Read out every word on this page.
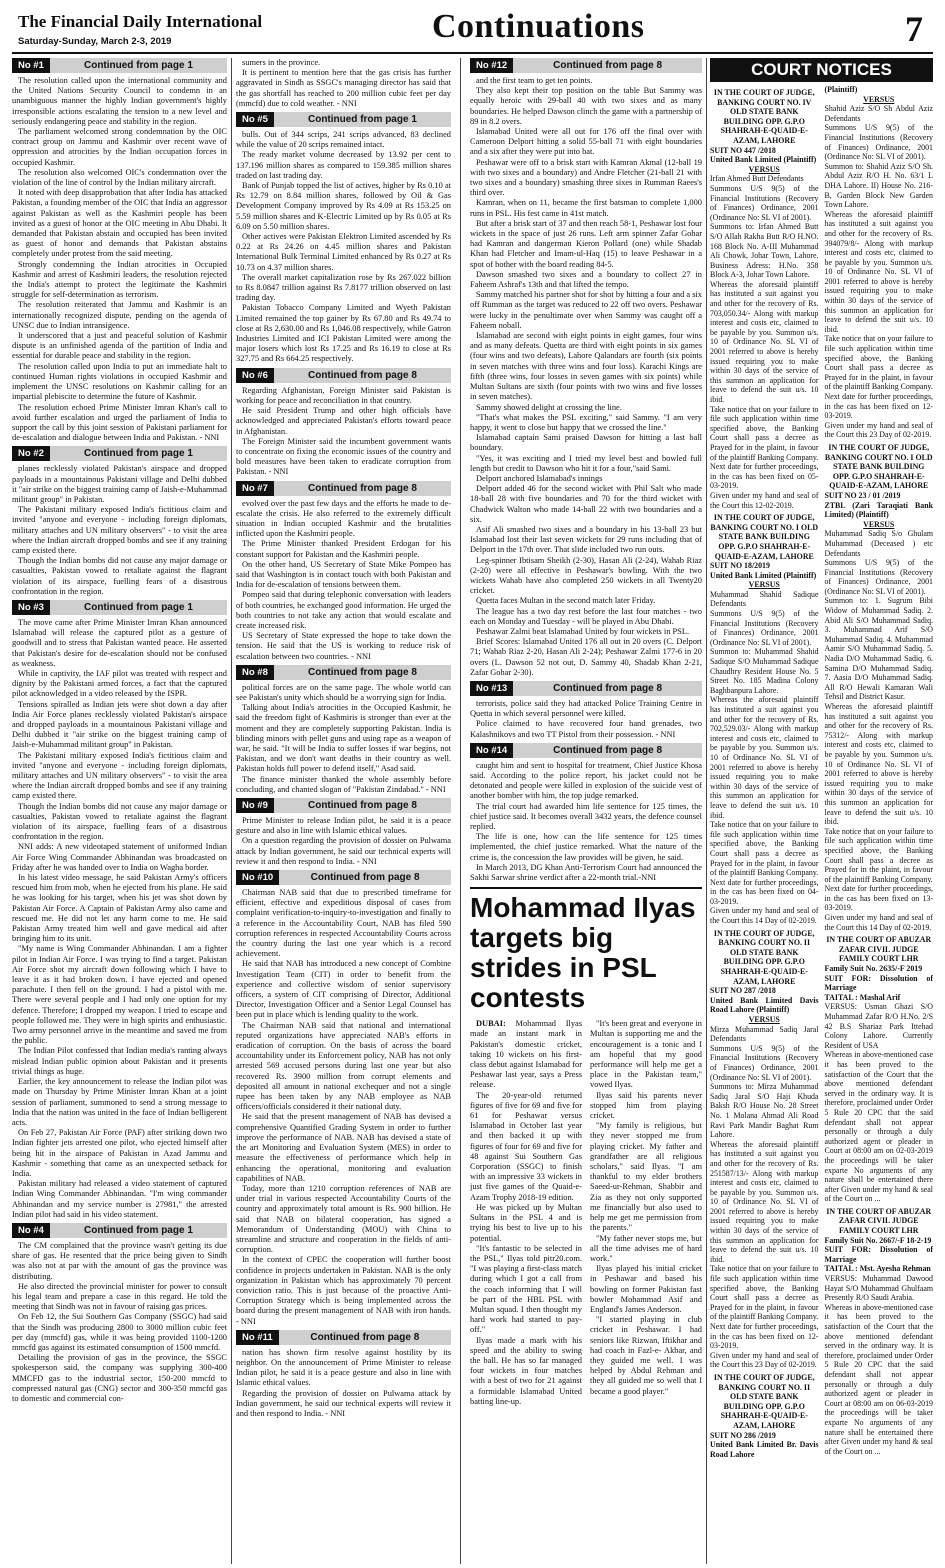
The Financial Daily International
Saturday-Sunday, March 2-3, 2019	Continuations	7
No #1	Continued from page 1

The resolution called upon the international community and the United Nations Security Council to condemn in an unambiguous manner the highly Indian government's highly irresponsible actions escalating the tension to a new level and seriously endangering peace and stability in the region.

The parliament welcomed strong condemnation by the OIC contract group on Jammu and Kashmir over recent wave of oppression and atrocities by the Indian occupation forces in occupied Kashmir.

The resolution also welcomed OIC's condemnation over the violation of the line of control by the Indian military aircraft.

It noted with deep disapprobation that after India has attacked Pakistan, a founding member of the OIC that India an aggressor against Pakistan as well as the Kashmiri people has been invited as a guest of honor at the OIC meeting in Abu Dhabi. It demanded that Pakistan abstain and occupied has been invited as guest of honor and demands that Pakistan abstains completely under protest from the said meeting.

Strongly condemning the Indian atrocities in Occupied Kashmir and arrest of Kashmiri leaders, the resolution rejected the India's attempt to protect the legitimate the Kashmiri struggle for self-determination as terrorism.

The resolution reiterated that Jammu and Kashmir is an internationally recognized dispute, pending on the agenda of UNSC due to Indian intransigence.

It underscored that a just and peaceful solution of Kashmir dispute is an unfinished agenda of the partition of India and essential for durable peace and stability in the region.

The resolution called upon India to put an immediate halt to continued Human rights violations in occupied Kashmir and implement the UNSC resolutions on Kashmir calling for an impartial plebiscite to determine the future of Kashmir.

The resolution echoed Prime Minister Imran Khan's call to avoid further escalation and urged the parliament of India to support the call by this joint session of Pakistani parliament for de-escalation and dialogue between India and Pakistan. - NNI

No #2	Continued from page 1

planes recklessly violated Pakistan's airspace and dropped payloads in a mountainous Pakistani village and Delhi dubbed it "air strike on the biggest training camp of Jaish-e-Muhammad militant group" in Pakistan.

The Pakistani military exposed India's fictitious claim and invited "anyone and everyone - including foreign diplomats, military attaches and UN military observers" - to visit the area where the Indian aircraft dropped bombs and see if any training camp existed there.

Though the Indian bombs did not cause any major damage or casualties, Pakistan vowed to retaliate against the flagrant violation of its airspace, fuelling fears of a disastrous confrontation in the region.

No #3	Continued from page 1

The move came after Prime Minister Imran Khan announced Islamabad will release the captured pilot as a gesture of goodwill and to stress that Pakistan wanted peace. He asserted that Pakistan's desire for de-escalation should not be confused as weakness.

While in captivity, the IAF pilot was treated with respect and dignity by the Pakistani armed forces, a fact that the captured pilot acknowledged in a video released by the ISPR.

Tensions spiralled as Indian jets were shot down a day after India Air Force planes recklessly violated Pakistan's airspace and dropped payloads in a mountainous Pakistani village and Delhi dubbed it "air strike on the biggest training camp of Jaish-e-Muhammad militant group" in Pakistan.

The Pakistani military exposed India's fictitious claim and invited "anyone and everyone - including foreign diplomats, military attaches and UN military observers" - to visit the area where the Indian aircraft dropped bombs and see if any training camp existed there.

Though the Indian bombs did not cause any major damage or casualties, Pakistan vowed to retaliate against the flagrant violation of its airspace, fuelling fears of a disastrous confrontation in the region.

NNI adds: A new videotaped statement of uniformed Indian Air Force Wing Commander Abhinandan was broadcasted on Friday after he was handed over to India on Wagha border.

In his latest video message, he said Pakistan Army's officers rescued him from mob, when he ejected from his plane. He said he was looking for his target, when his jet was shot down by Pakistan Air Force. A Captain of Pakistan Army also came and rescued me. He did not let any harm come to me. He said Pakistan Army treated him well and gave medical aid after bringing him to its unit.

"My name is Wing Commander Abhinandan. I am a fighter pilot in Indian Air Force. I was trying to find a target. Pakistan Air Force shot my aircraft down following which I have to leave it as it had broken down. I have ejected and opened parachute. I then fell on the ground. I had a pistol with me. There were several people and I had only one option for my defence. Therefore; I dropped my weapon. I tried to escape and people followed me. They were in high spirits and enthusiastic. Two army personnel arrive in the meantime and saved me from the public.

The Indian Pilot confessed that Indian media's ranting always mislead Indian public opinion about Pakistan and it presents trivial things as huge.

Earlier, the key announcement to release the Indian pilot was made on Thursday by Prime Minister Imran Khan at a joint session of parliament, summoned to send a strong message to India that the nation was united in the face of Indian belligerent acts.

On Feb 27, Pakistan Air Force (PAF) after striking down two Indian fighter jets arrested one pilot, who ejected himself after being hit in the airspace of Pakistan in Azad Jammu and Kashmir - something that came as an unexpected setback for India.

Pakistan military had released a video statement of captured Indian Wing Commander Abhinandan. "I'm wing commander Abhinandan and my service number is 27981," the arrested Indian pilot had said in his video statement.

No #4	Continued from page 1

The CM complained that the province wasn't getting its due share of gas. He resented that the price being given to Sindh was also not at par with the amount of gas the province was distributing.

He also directed the provincial minister for power to consult his legal team and prepare a case in this regard. He told the meeting that Sindh was not in favour of raising gas prices.

On Feb 12, the Sui Southern Gas Company (SSGC) had said that the Sindh was producing 2800 to 3000 million cubic feet per day (mmcfd) gas, while it was being provided 1100-1200 mmcfd gas against its estimated consumption of 1500 mmcfd.

Detailing the provision of gas in the province, the SSGC spokesperson said, the company was supplying 300-400 MMCFD gas to the industrial sector, 150-200 mmcfd to compressed natural gas (CNG) sector and 300-350 mmcfd gas to domestic and commercial con-

sumers in the province.

It is pertinent to mention here that the gas crisis has further aggravated in Sindh as SSGC's managing director has said that the gas shortfall has reached to 200 million cubic feet per day (mmcfd) due to cold weather. - NNI

No #5	Continued from page 1

bulls. Out of 344 scrips, 241 scrips advanced, 83 declined while the value of 20 scrips remained intact.

The ready market volume decreased by 13.92 per cent to 137.196 million shares as compared to 159.385 million shares traded on last trading day.

Bank of Punjab topped the list of actives, higher by Rs 0.10 at Rs 12.79 on 8.84 million shares, followed by Oil & Gas Development Company improved by Rs 4.09 at Rs 153.25 on 5.59 million shares and K-Electric Limited up by Rs 0.05 at Rs 6.09 on 5.50 million shares.

Other actives were Pakistan Elektron Limited ascended by Rs 0.22 at Rs 24.26 on 4.45 million shares and Pakistan International Bulk Terminal Limited enhanced by Rs 0.27 at Rs 10.73 on 4.37 million shares.

The overall market capitalization rose by Rs 267.022 billion to Rs 8.0847 trillion against Rs 7.8177 trillion observed on last trading day.

Pakistan Tobacco Company Limited and Wyeth Pakistan Limited remained the top gainer by Rs 67.80 and Rs 49.74 to close at Rs 2,630.00 and Rs 1,046.08 respectively, while Gatron Industries Limited and ICI Pakistan Limited were among the major losers which lost Rs 17.25 and Rs 16.19 to close at Rs 327.75 and Rs 664.25 respectively.

No #6	Continued from page 8

Regarding Afghanistan, Foreign Minister said Pakistan is working for peace and reconciliation in that country.

He said President Trump and other high officials have acknowledged and appreciated Pakistan's efforts toward peace in Afghanistan.

The Foreign Minister said the incumbent government wants to concentrate on fixing the economic issues of the country and bold measures have been taken to eradicate corruption from Pakistan. - NNI

No #7	Continued from page 8

evolved over the past few days and the efforts he made to de-escalate the crisis. He also referred to the extremely difficult situation in Indian occupied Kashmir and the brutalities inflicted upon the Kashmiri people.

The Prime Minister thanked President Erdogan for his constant support for Pakistan and the Kashmiri people.

On the other hand, US Secretary of State Mike Pompeo has said that Washington is in contact touch with both Pakistan and India for de-escalation of tensions between them.

Pompeo said that during telephonic conversation with leaders of both countries, he exchanged good information. He urged the both countries to not take any action that would escalate and create increased risk.

US Secretary of State expressed the hope to take down the tension. He said that the US is working to reduce risk of escalation between two countries. - NNI

No #8	Continued from page 8

political forces are on the same page. The whole world can see Pakistan's unity which should be a worrying sign for India.

Talking about India's atrocities in the Occupied Kashmir, he said the freedom fight of Kashmiris is stronger than ever at the moment and they are completely supporting Pakistan. India is blinding minors with pellet guns and using rape as a weapon of war, he said. "It will be India to suffer losses if war begins, not Pakistan, and we don't want deaths in their country as well. Pakistan holds full power to defend itself," Asad said.

The finance minister thanked the whole assembly before concluding, and chanted slogan of "Pakistan Zindabad." - NNI

No #9	Continued from page 8

Prime Minister to release Indian pilot, he said it is a peace gesture and also in line with Islamic ethical values.

On a question regarding the provision of dossier on Pulwama attack by Indian government, he said our technical experts will review it and then respond to India. - NNI

No #10	Continued from page 8

Chairman NAB said that due to prescribed timeframe for efficient, effective and expeditious disposal of cases from complaint verification-to-inquiry-to-investigation and finally to a reference in the Accountability Court, NAB has filed 590 corruption references in respected Accountability Courts across the country during the last one year which is a record achievement.

He said that NAB has introduced a new concept of Combine Investigation Team (CIT) in order to benefit from the experience and collective wisdom of senior supervisory officers, a system of CIT comprising of Director, Additional Director, Investigation Officer and a Senior Legal Counsel has been put in place which is lending quality to the work.

The Chairman NAB said that national and international reputed organizations have appreciated NAB's efforts in eradication of corruption. On the basis of across the board accountability under its Enforcement policy, NAB has not only arrested 569 accused persons during last one year but also recovered Rs. 3900 million from corrupt elements and deposited all amount in national exchequer and not a single rupee has been taken by any NAB employee as NAB officers/officials considered it their national duty.

He said that the present management of NAB has devised a comprehensive Quantified Grading System in order to further improve the performance of NAB. NAB has devised a state of the art Monitoring and Evaluation System (MES) in order to measure the effectiveness of performance which help in enhancing the operational, monitoring and evaluation capabilities of NAB.

Today, more than 1210 corruption references of NAB are under trial in various respected Accountability Courts of the country and approximately total amount is Rs. 900 billion. He said that NAB on bilateral cooperation, has signed a Memorandum of Understanding (MOU) with China to streamline and structure and cooperation in the fields of anti-corruption.

In the context of CPEC the cooperation will further boost confidence in projects undertaken in Pakistan. NAB is the only organization in Pakistan which has approximately 70 percent conviction ratio. This is just because of the proactive Anti-Corruption Strategy which is being implemented across the board during the present management of NAB with iron hands. - NNI

No #11	Continued from page 8

nation has shown firm resolve against hostility by its neighbor. On the announcement of Prime Minister to release Indian pilot, he said it is a peace gesture and also in line with Islamic ethical values.

Regarding the provision of dossier on Pulwama attack by Indian government, he said our technical experts will review it and then respond to India. - NNI

No #12	Continued from page 8

and the first team to get ten points.

They also kept their top position on the table But Sammy was equally heroic with 29-ball 40 with two sixes and as many boundaries. He helped Dawson clinch the game with a partnership of 89 in 8.2 overs.

Islamabad United were all out for 176 off the final over with Cameroon Delport hitting a solid 55-ball 71 with eight boundaries and a six after they were put into bat.

Peshawar were off to a brisk start with Kamran Akmal (12-ball 19 with two sixes and a boundary) and Andre Fletcher (21-ball 21 with two sixes and a boundary) smashing three sixes in Rumman Raees's third over.

Kamran, when on 11, became the first batsman to complete 1,000 runs in PSL. His fest came in 41st match.

But after a brisk start of 37 and then reach 58-1, Peshawar lost four wickets in the space of just 26 runs. Left arm spinner Zafar Gohar had Kamran and dangerman Kieron Pollard (one) while Shadab Khan had Fletcher and Imam-ul-Haq (15) to leave Peshawar in a spot of bother with the board reading 84-5.

Dawson smashed two sixes and a boundary to collect 27 in Faheem Ashraf's 13th and that lifted the tempo.

Sammy matched his partner shot for shot by hitting a four and a six off Rumman as the target was reduced to 22 off two overs. Peshawar were lucky in the penultimate over when Sammy was caught off a Faheem noball.

Islamabad are second with eight points in eight games, four wins and as many defeats. Quetta are third with eight points in six games (four wins and two defeats), Lahore Qalandars are fourth (six points in seven matches with three wins and four loss). Karachi Kings are fifth (three wins, four losses in seven games with six points) while Multan Sultans are sixth (four points with two wins and five losses in seven matches).

Sammy showed delight at crossing the line.

"That's what makes the PSL exciting," said Sammy. "I am very happy, it went to close but happy that we crossed the line."

Islamabad captain Sami praised Dawson for hitting a last ball boundary.

"Yes, it was exciting and I tried my level best and bowled full length but credit to Dawson who hit it for a four,"said Sami.

Delport anchored Islamabad's innings

Delport added 46 for the second wicket with Phil Salt who made 18-ball 28 with five boundaries and 70 for the third wicket with Chadwick Walton who made 14-ball 22 with two boundaries and a six.

Asif Ali smashed two sixes and a boundary in his 13-ball 23 but Islamabad lost their last seven wickets for 29 runs including that of Delport in the 17th over. That slide included two run outs.

Leg-spinner Ibtisam Sheikh (2-30), Hasan Ali (2-24), Wahab Riaz (2-20) were all effective in Peshawar's bowling. With the two wickets Wahab have also completed 250 wickets in all Twenty20 cricket.

Quetta faces Multan in the second match later Friday.

The league has a two day rest before the last four matches - two each on Monday and Tuesday - will be played in Abu Dhabi.

Peshawar Zalmi beat Islamabad United by four wickets in PSL.

Brief Scores: Islamabad United 176 all out in 20 overs (C. Delport 71; Wahab Riaz 2-20, Hasan Ali 2-24); Peshawar Zalmi 177-6 in 20 overs (L. Dawson 52 not out, D. Sammy 40, Shadab Khan 2-21, Zafar Gohar 2-30).

No #13	Continued from page 8

terrorists, police said they had attacked Police Training Centre in Quetta in which several personnel were killed.

Police claimed to have recovered four hand grenades, two Kalashnikovs and two TT Pistol from their possession. - NNI

No #14	Continued from page 8

caught him and sent to hospital for treatment, Chief Justice Khosa said. According to the police report, his jacket could not be detonated and people were killed in explosion of the suicide vest of another bomber with him, the top judge remarked.

The trial court had awarded him life sentence for 125 times, the chief justice said. It becomes overall 3432 years, the defence counsel replied.

The life is one, how can the life sentence for 125 times implemented, the chief justice remarked. What the nature of the crime is, the concession the law provides will be given, he said.

In March 2013, DG Khan Anti-Terrorism Court had announced the Sakhi Sarwar shrine verdict after a 22-month trial.-NNI

Mohammad Ilyas targets big strides in PSL contests

DUBAI: Mohammad Ilyas made an instant mark in Pakistan's domestic cricket, taking 10 wickets on his first-class debut against Islamabad for Peshawar last year, says a Press release.

The 20-year-old returned figures of five for 69 and five for 61 for Peshawar versus Islamabad in October last year and then backed it up with figures of four for 69 and five for 48 against Sui Southern Gas Corporation (SSGC) to finish with an impressive 33 wickets in just five games of the Quaid-e-Azam Trophy 2018-19 edition.

He was picked up by Multan Sultans in the PSL 4 and is trying his best to live up to his potential.

"It's fantastic to be selected in the PSL," Ilyas told pitr20.com. "I was playing a first-class match during which I got a call from the coach informing that I will be part of the HBL PSL with Multan squad. I then thought my hard work had started to pay-off."

Ilyas made a mark with his speed and the ability to swing the ball. He has so far managed four wickets in four matches with a best of two for 21 against a formidable Islamabad United batting line-up.

"It's been great and everyone in Multan is supporting me and the encouragement is a tonic and I am hopeful that my good performance will help me get a place in the Pakistan team," vowed Ilyas.

Ilyas said his parents never stopped him from playing cricket.

"My family is religious, but they never stopped me from playing cricket. My father and grandfather are all religious scholars," said Ilyas. "I am thankful to my elder brothers Saeed-ur-Rehman, Shabbir and Zia as they not only supported me financially but also used to help me get me permission from the parents."

"My father never stops me, but all the time advises me of hard work."

Ilyas played his initial cricket in Peshawar and based his bowling on former Pakistan fast bowler Mohammad Asif and England's James Anderson.

"I started playing in club cricket in Peshawar. I had seniors like Rizwan, Iftikhar and had coach in Fazl-e- Akbar, and they guided me well. I was helped by Abdul Rehman and they all guided me so well that I became a good player."

COURT NOTICES
IN THE COURT OF JUDGE, BANKING COURT NO. IV OLD STATE BANK BUILDING OPP. G.P.O SHAHRAH-E-QUAID-E-AZAM, LAHORE
SUIT NO 447 /2018
United Bank Limited (Plaintiff)
VERSUS
Irfan Ahmed Butt Defendants
Summons U/S 9(5) of the Financial Institutions (Recovery of Finances) Ordinance, 2001 (Ordinance No: SL VI of 2001).
Summons to: Irfan Ahmed Butt S/O Allah Rakha Butt R/O H.NO. 168 Block No. A-III Muhammad Ali Chowk, Johar Town, Lahore. Business Adress: H.No. 358 Block A-3, Johar Town Lahore.
Whereas the aforesaid plaintiff has instituted a suit against you and other for the recovery of Rs. 703,050.34/- Along with markup interest and costs etc, claimed to be payable by you. Summon u/s. 10 of Ordinance No. SL VI of 2001 referred to above is hereby issued requiring you to make within 30 days of the service of this summon an application for leave to defend the suit u/s. 10 ibid.
Take notice that on your failure to file such application within time specified above, the Banking Court shall pass a decree as Prayed for in the plaint, in favour of the plaintiff Banking Company.
Next date for further proceedings, in the cas has been fixed on 05-03-2019.
Given under my hand and seal of the Court this 12-02-2019.
IN THE COURT OF JUDGE, BANKING COURT NO. I OLD STATE BANK BUILDING OPP. G.P.O SHAHRAH-E-QUAID-E-AZAM, LAHORE
SUIT NO 18/2019
United Bank Limited (Plaintiff)
VERSUS
Muhammad Shahid Sadique Defendants
Summons U/S 9(5) of the Financial Institutions (Recovery of Finances) Ordinance, 2001 (Ordinance No: SL VI of 2001).
Summon to: Muhammad Shahid Sadique S/O Muhammad Sadique Chaudhry Resident House No. 5 Street No. 185 Madina Colony Baghbanpura Lahore.
Whereas the aforesaid plaintiff has instituted a suit against you and other for the recovery of Rs. 702,529.03/- Along with markup interest and costs etc, claimed to be payable by you. Summon u/s. 10 of Ordinance No. SL VI of 2001 referred to above is hereby issued requiring you to make within 30 days of the service of this summon an application for leave to defend the suit u/s. 10 ibid.
Take notice that on your failure to file such application within time specified above, the Banking Court shall pass a decree as Prayed for in the plaint, in favour of the plaintiff Banking Company.
Next date for further proceedings, in the cas has been fixed on 04-03-2019.
Given under my hand and seal of the Court this 14 Day of 02-2019.
IN THE COURT OF JUDGE, BANKING COURT NO. II OLD STATE BANK BUILDING OPP. G.P.O SHAHRAH-E-QUAID-E-AZAM, LAHORE
SUIT NO 287 /2018
United Bank Limited Davis Road Lahore (Plaintiff)
VERSUS
Mirza Muhammad Sadiq Jaral Defendants
Summons U/S 9(5) of the Financial Institutions (Recovery of Finances) Ordinance, 2001 (Ordinance No: SL VI of 2001).
Summons to: Mirza Muhammad Sadiq Jaral S/O Haji Khuda Baksh R/O House No. 28 Street No. 1 Molana Ahmad Ali Road Ravi Park Mandir Baghat Rum Lahore.
Whereas the aforesaid plaintiff has instituted a suit against you and other for the recovery of Rs. 251587/13/- Along with markup interest and costs etc, claimed to be payable by you. Summon u/s. 10 of Ordinance No. SL VI of 2001 referred to above is hereby issued requiring you to make within 30 days of the service of this summon an application for leave to defend the suit u/s. 10 ibid.
Take notice that on your failure to file such application within time specified above, the Banking Court shall pass a decree as Prayed for in the plaint, in favour of the plaintiff Banking Company.
Next date for further proceedings, in the cas has been fixed on 12-03-2019.
Given under my hand and seal of the Court this 23 Day of 02-2019.
IN THE COURT OF JUDGE, BANKING COURT NO. II OLD STATE BANK BUILDING OPP. G.P.O SHAHRAH-E-QUAID-E-AZAM, LAHORE
SUIT NO 286 /2019
United Bank Limited Br. Davis Road Lahore
(Plaintiff)
VERSUS
Shahid Aziz S/O Sh Abdul Aziz Defendants
Summons U/S 9(5) of the Financial Institutions (Recovery of Finances) Ordinance, 2001 (Ordinance No: SL VI of 2001).
Summon to: Shahid Aziz S/O Sh. Abdul Aziz R/O H. No. 63/1 L DHA Lahore. II) House No. 216-B, Garden Block New Garden Town Lahore.
Whereas the aforesaid plaintiff has instituted a suit against you and other for the recovery of Rs. 394079/8/- Along with markup interest and costs etc, claimed to be payable by you. Summon u/s. 10 of Ordinance No. SL VI of 2001 referred to above is hereby issued requiring you to make within 30 days of the service of this summon an application for leave to defend the suit u/s. 10 ibid.
Take notice that on your failure to file such application within time specified above, the Banking Court shall pass a decree as Prayed for in the plaint, in favour of the plaintiff Banking Company.
Next date for further proceedings, in the cas has been fixed on 12-03-2019.
Given under my hand and seal of the Court this 23 Day of 02-2019.
IN THE COURT OF JUDGE, BANKING COURT NO. I OLD STATE BANK BUILDING OPP. G.P.O SHAHRAH-E-QUAID-E-AZAM, LAHORE
SUIT NO 23 / 01 /2019
ZTBL (Zari Taraqiati Bank Limited) (Plaintiff)
VERSUS
Muhammad Sadiq S/o Ghulam Muhammad (Deceased ) etc Defendants
Summons U/S 9(5) of the Financial Institutions (Recovery of Finances) Ordinance, 2001 (Ordinance No: SL VI of 2001).
Summon to: 1. Sugrum Bibi Widow of Muhammad Sadiq. 2. Abid Ali S/O Muhammad Sadiq. 3. Muhammad Arif S/O Muhammad Sadiq. 4. Muhammad Aamir S/O Muhammad Sadiq. 5. Nadia D/O Muhammad Sadiq. 6. Samina D/O Muhammad Sadiq. 7. Aasia D/O Muhammad Sadiq. All R/O Hewali Kamaran Wali Tehsil and District Kasur.
Whereas the aforesaid plaintiff has instituted a suit against you and other for the recovery of Rs. 75312/- Along with markup interest and costs etc, claimed to be payable by you. Summon u/s. 10 of Ordinance No. SL VI of 2001 referred to above is hereby issued requiring you to make within 30 days of the service of this summon an application for leave to defend the suit u/s. 10 ibid.
Take notice that on your failure to file such application within time specified above, the Banking Court shall pass a decree as Prayed for in the plaint, in favour of the plaintiff Banking Company.
Next date for further proceedings, in the cas has been fixed on 13-03-2019.
Given under my hand and seal of the Court this 14 Day of 02-2019.
IN THE COURT OF ABUZAR ZAFAR CIVIL JUDGE FAMILY COURT LHR
Family Suit No. 2635/-F 2019
SUIT FOR: Dissolution of Marriage
TAITAL : Mashal Arif
VERSUS: Usman Ghazi S/O Muhammad Zafar R/O H.No. 2/S 42 B.S Shariaz Park Ittehad Colony Lahore. Currently Resident of USA
Whereas in above-mentioned case it has been proved to the satisfaction of the Court that the above mentioned defendant served in the ordinary way. It is therefore, proclaimed under Order 5 Rule 20 CPC that the said defendant shall not appear personally or through a duly authorized agent or pleader in Court at 08:00 am on 02-03-2019 the proceedings will be taker exparte No arguments of any nature shall be entertained there after Given under my hand & seal of the Court on ...
IN THE COURT OF ABUZAR ZAFAR CIVIL JUDGE FAMILY COURT LHR
Family Suit No. 2667/-F 18-2-19
SUIT FOR: Dissolution of Marriage
TAITAL : Mst. Ayesha Rehman
VERSUS: Muhammad Dawood Hayat S/O Muhammad Ghulfaam Presently R/O Saudi Arabia.
Whereas in above-mentioned case it has been proved to the satisfaction of the Court that the above mentioned defendant served in the ordinary way. It is therefore, proclaimed under Order 5 Rule 20 CPC that the said defendant shall not appear personally or through a duly authorized agent or pleader in Court at 08:00 am on 06-03-2019 the proceedings will be taker exparte No arguments of any nature shall be entertained there after Given under my hand & seal of the Court on ...
